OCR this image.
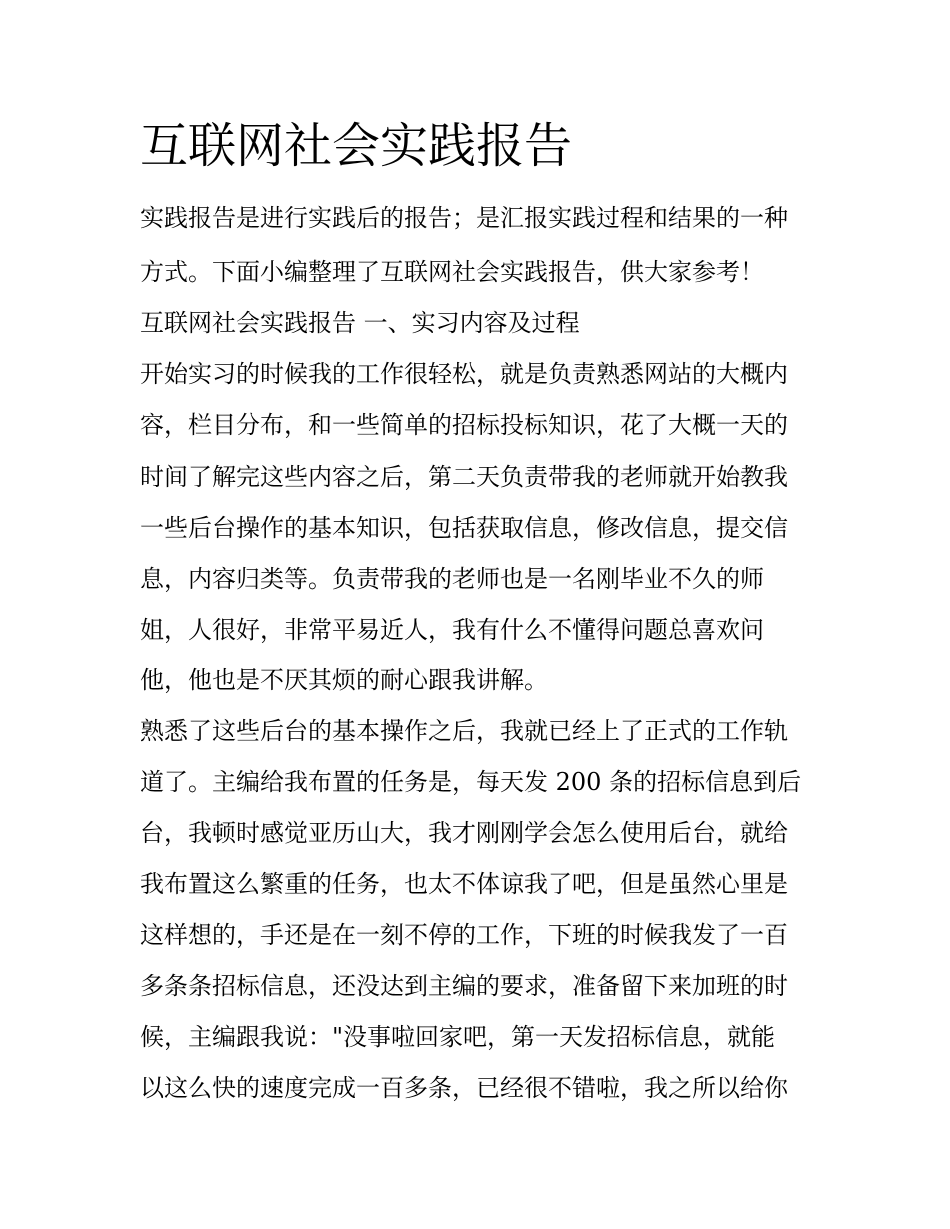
互联网社会实践报告
实践报告是进行实践后的报告；是汇报实践过程和结果的一种
方式。下面小编整理了互联网社会实践报告，供大家参考！
互联网社会实践报告 一、实习内容及过程
开始实习的时候我的工作很轻松，就是负责熟悉网站的大概内
容，栏目分布，和一些简单的招标投标知识，花了大概一天的
时间了解完这些内容之后，第二天负责带我的老师就开始教我
一些后台操作的基本知识，包括获取信息，修改信息，提交信
息，内容归类等。负责带我的老师也是一名刚毕业不久的师
姐，人很好，非常平易近人，我有什么不懂得问题总喜欢问
他，他也是不厌其烦的耐心跟我讲解。
熟悉了这些后台的基本操作之后，我就已经上了正式的工作轨
道了。主编给我布置的任务是，每天发 200 条的招标信息到后
台，我顿时感觉亚历山大，我才刚刚学会怎么使用后台，就给
我布置这么繁重的任务，也太不体谅我了吧，但是虽然心里是
这样想的，手还是在一刻不停的工作，下班的时候我发了一百
多条条招标信息，还没达到主编的要求，准备留下来加班的时
候，主编跟我说："没事啦回家吧，第一天发招标信息，就能
以这么快的速度完成一百多条，已经很不错啦，我之所以给你
